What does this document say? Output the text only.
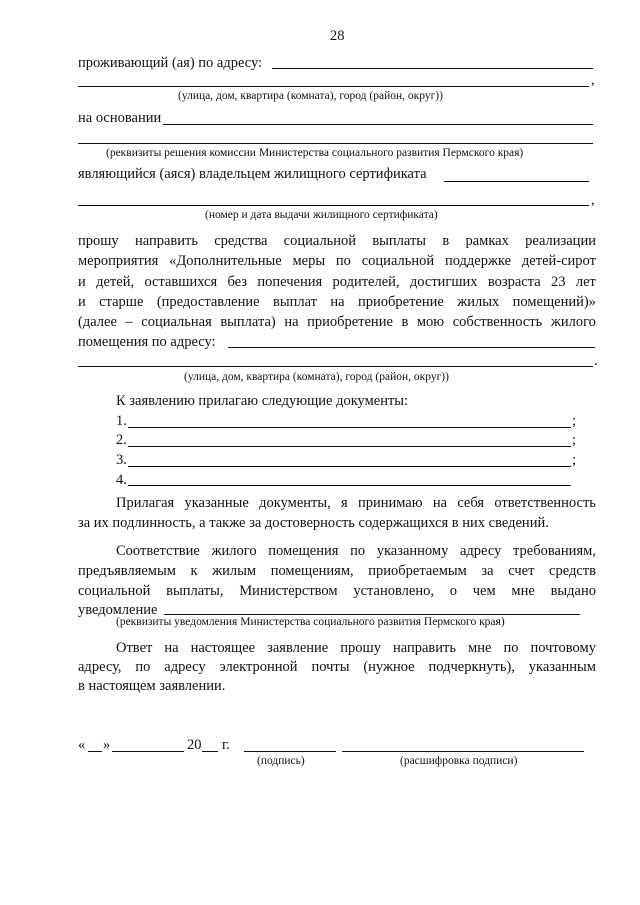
28
проживающий (ая) по адресу:
,
(улица, дом, квартира (комната), город (район, округ))
на основании
(реквизиты решения комиссии Министерства социального развития Пермского края)
являющийся (аяся) владельцем жилищного сертификата
,
(номер и дата выдачи жилищного сертификата)
прошу направить средства социальной выплаты в рамках реализации
мероприятия «Дополнительные меры по социальной поддержке детей-сирот
и детей, оставшихся без попечения родителей, достигших возраста 23 лет
и старше (предоставление выплат на приобретение жилых помещений)»
(далее – социальная выплата) на приобретение в мою собственность жилого
помещения по адресу:
.
(улица, дом, квартира (комната), город (район, округ))
К заявлению прилагаю следующие документы:
1.	;
2.	;
3.	;
4.
Прилагая указанные документы, я принимаю на себя ответственность
за их подлинность, а также за достоверность содержащихся в них сведений.
Соответствие жилого помещения по указанному адресу требованиям,
предъявляемым к жилым помещениям, приобретаемым за счет средств
социальной выплаты, Министерством установлено, о чем мне выдано
уведомление
(реквизиты уведомления Министерства социального развития Пермского края)
Ответ на настоящее заявление прошу направить мне по почтовому
адресу, по адресу электронной почты (нужное подчеркнуть), указанным
в настоящем заявлении.
« »	20 г.
(подпись)	(расшифровка подписи)
